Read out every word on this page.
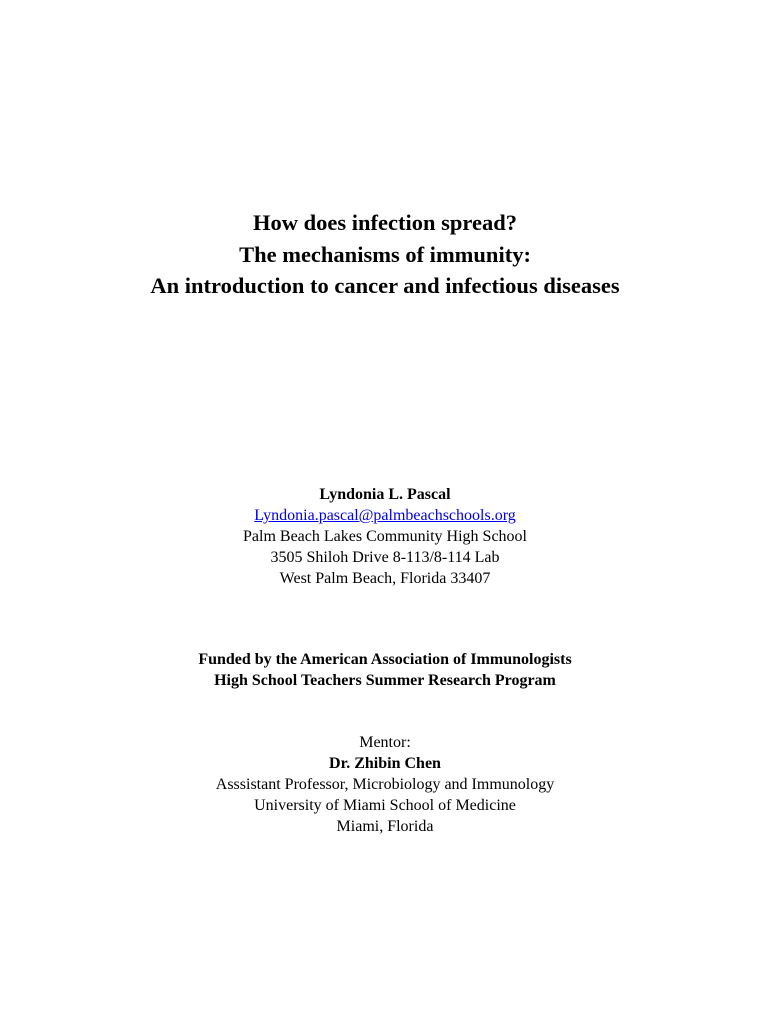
How does infection spread?
The mechanisms of immunity:
An introduction to cancer and infectious diseases
Lyndonia L. Pascal
Lyndonia.pascal@palmbeachschools.org
Palm Beach Lakes Community High School
3505 Shiloh Drive 8-113/8-114 Lab
West Palm Beach, Florida 33407
Funded by the American Association of Immunologists
High School Teachers Summer Research Program
Mentor:
Dr. Zhibin Chen
Asssistant Professor, Microbiology and Immunology
University of Miami School of Medicine
Miami, Florida
